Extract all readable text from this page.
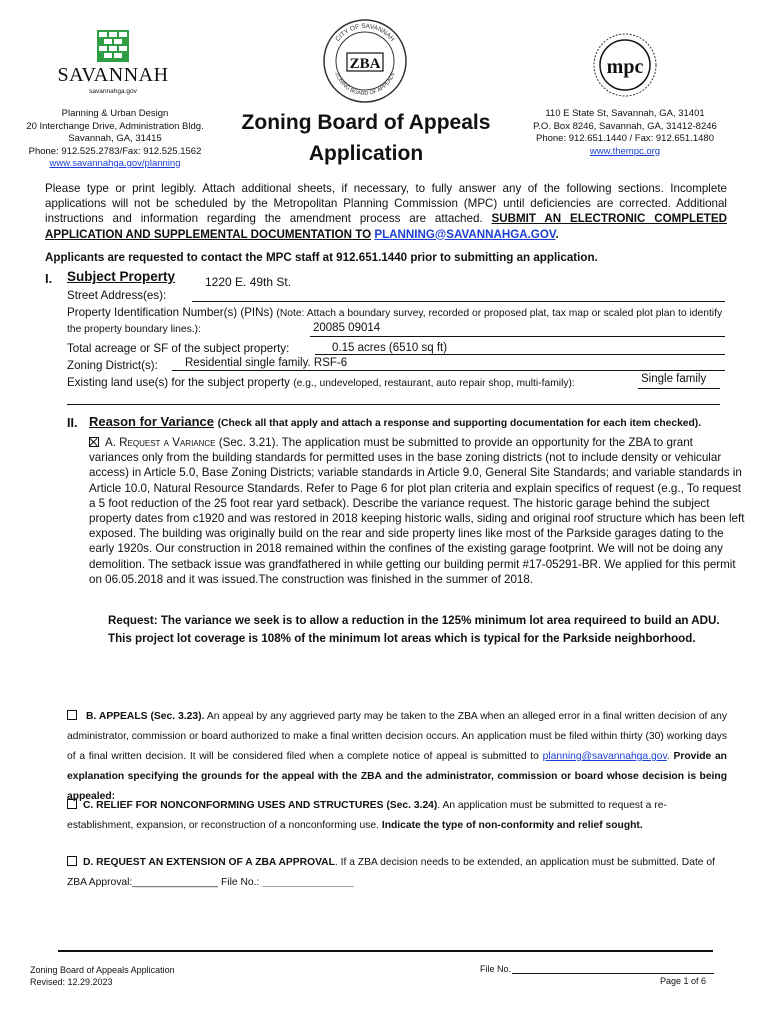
SAVANNAH
savannahga.gov
Planning & Urban Design
20 Interchange Drive, Administration Bldg.
Savannah, GA, 31415
Phone: 912.525.2783/Fax: 912.525.1562
www.savannahga.gov/planning
CITY OF SAVANNAH
ZONING BOARD OF APPEALS
ZBA
Zoning Board of Appeals
Application
mpc
110 E State St, Savannah, GA, 31401
P.O. Box 8246, Savannah, GA, 31412-8246
Phone: 912.651.1440 / Fax: 912.651.1480
www.thempc.org
Please type or print legibly. Attach additional sheets, if necessary, to fully answer any of the following sections. Incomplete applications will not be scheduled by the Metropolitan Planning Commission (MPC) until deficiencies are corrected. Additional instructions and information regarding the amendment process are attached. SUBMIT AN ELECTRONIC COMPLETED APPLICATION AND SUPPLEMENTAL DOCUMENTATION TO PLANNING@SAVANNAHGA.GOV.
Applicants are requested to contact the MPC staff at 912.651.1440 prior to submitting an application.
I. Subject Property
Street Address(es):
1220 E. 49th St.
Property Identification Number(s) (PINs) (Note: Attach a boundary survey, recorded or proposed plat, tax map or scaled plot plan to identify the property boundary lines.):	20085 09014
Total acreage or SF of the subject property:	0.15 acres (6510 sq ft)
Zoning District(s): Residential single family. RSF-6
Existing land use(s) for the subject property (e.g., undeveloped, restaurant, auto repair shop, multi-family):	Single family
II. Reason for Variance (Check all that apply and attach a response and supporting documentation for each item checked).
A. Request a Variance (Sec. 3.21). The application must be submitted to provide an opportunity for the ZBA to grant variances only from the building standards for permitted uses in the base zoning districts (not to include density or vehicular access) in Article 5.0, Base Zoning Districts; variable standards in Article 9.0, General Site Standards; and variable standards in Article 10.0, Natural Resource Standards. Refer to Page 6 for plot plan criteria and explain specifics of request (e.g., To request a 5 foot reduction of the 25 foot rear yard setback). Describe the variance request. The historic garage behind the subject property dates from c1920 and was restored in 2018 keeping historic walls, siding and original roof structure which has been left exposed. The building was originally build on the rear and side property lines like most of the Parkside garages dating to the early 1920s. Our construction in 2018 remained within the confines of the existing garage footprint. We will not be doing any demolition. The setback issue was grandfathered in while getting our building permit #17-05291-BR. We applied for this permit on 06.05.2018 and it was issued.The construction was finished in the summer of 2018.
Request: The variance we seek is to allow a reduction in the 125% minimum lot area requireed to build an ADU. This project lot coverage is 108% of the minimum lot areas which is typical for the Parkside neighborhood.
B. APPEALS (Sec. 3.23). An appeal by any aggrieved party may be taken to the ZBA when an alleged error in a final written decision of any administrator, commission or board authorized to make a final written decision occurs. An application must be filed within thirty (30) working days of a final written decision. It will be considered filed when a complete notice of appeal is submitted to planning@savannahga.gov. Provide an explanation specifying the grounds for the appeal with the ZBA and the administrator, commission or board whose decision is being appealed:
C. RELIEF FOR NONCONFORMING USES AND STRUCTURES (Sec. 3.24). An application must be submitted to request a re-establishment, expansion, or reconstruction of a nonconforming use. Indicate the type of non-conformity and relief sought.
D. REQUEST AN EXTENSION OF A ZBA APPROVAL. If a ZBA decision needs to be extended, an application must be submitted. Date of ZBA Approval:_______________ File No.: ________________
Zoning Board of Appeals Application
Revised: 12.29.2023
File No.
Page 1 of 6
